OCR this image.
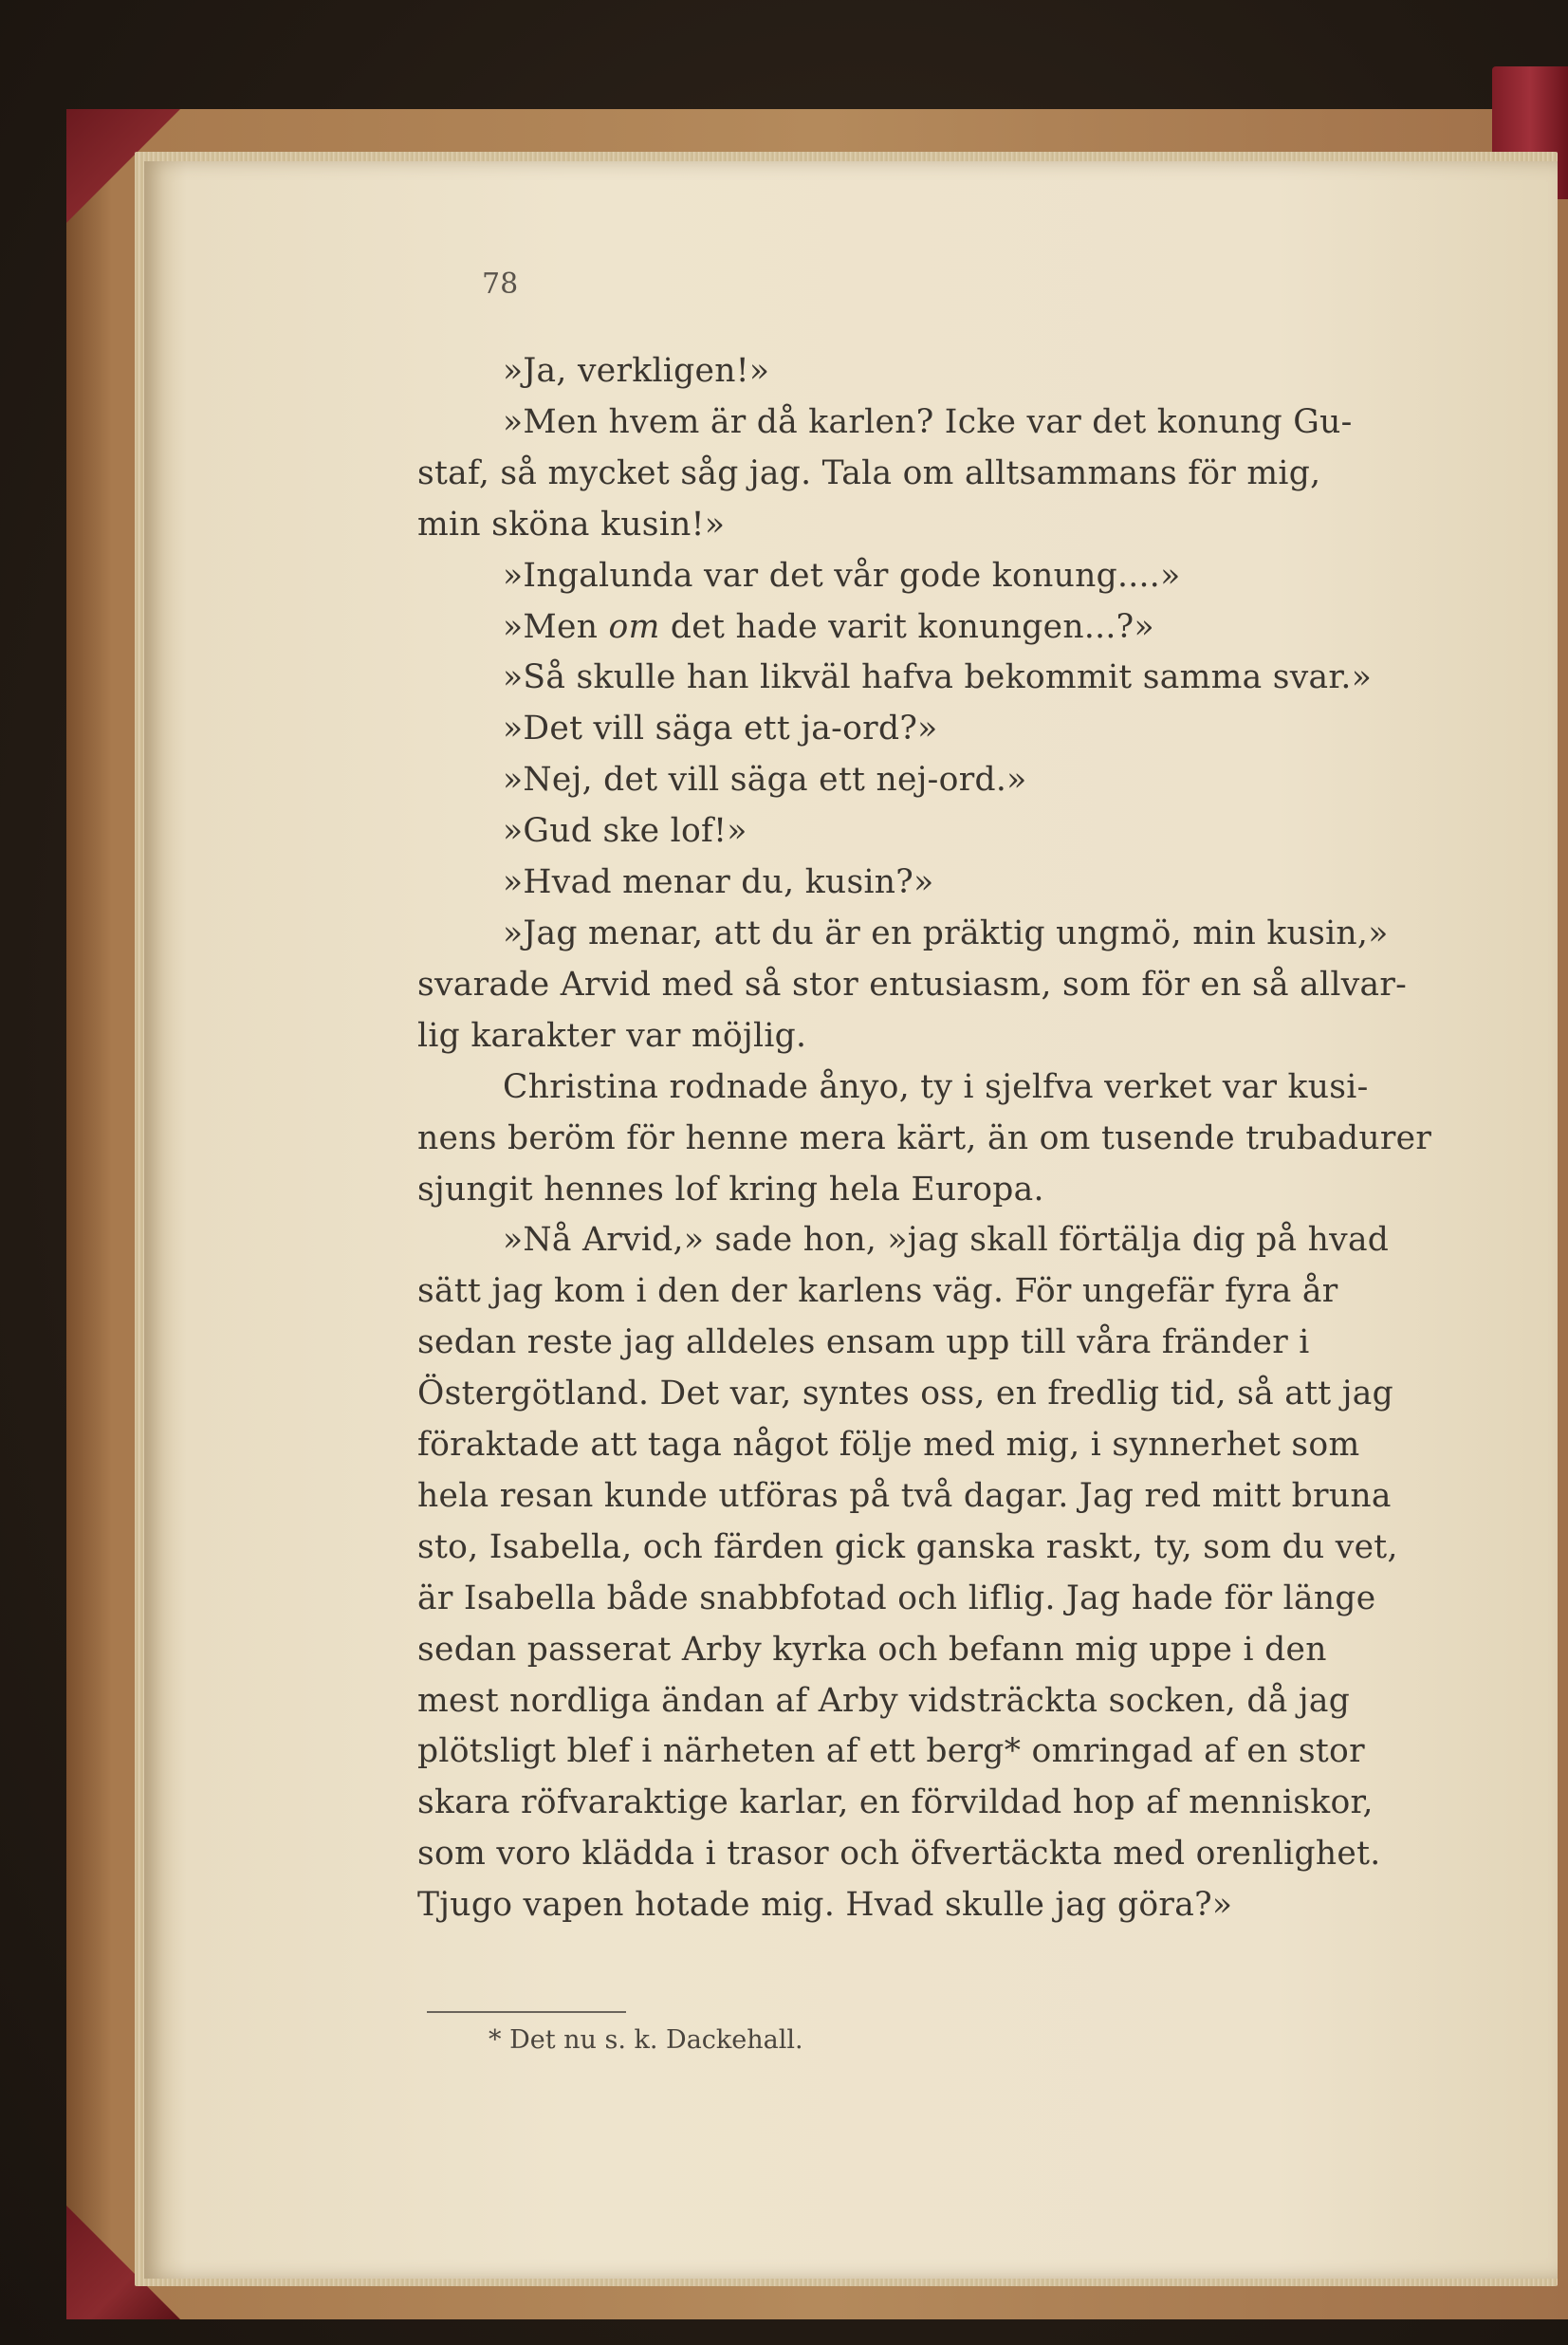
78

»Ja, verkligen!»

»Men hvem är då karlen? Icke var det konung Gu-
staf, så mycket såg jag. Tala om alltsammans för mig,
min sköna kusin!»

»Ingalunda var det vår gode konung....»

»Men om det hade varit konungen...?»

»Så skulle han likväl hafva bekommit samma svar.»

»Det vill säga ett ja-ord?»

»Nej, det vill säga ett nej-ord.»

»Gud ske lof!»

»Hvad menar du, kusin?»

»Jag menar, att du är en präktig ungmö, min kusin,»
svarade Arvid med så stor entusiasm, som för en så allvar-
lig karakter var möjlig.

Christina rodnade ånyo, ty i sjelfva verket var kusi-
nens beröm för henne mera kärt, än om tusende trubadurer
sjungit hennes lof kring hela Europa.

»Nå Arvid,» sade hon, »jag skall förtälja dig på hvad
sätt jag kom i den der karlens väg. För ungefär fyra år
sedan reste jag alldeles ensam upp till våra fränder i
Östergötland. Det var, syntes oss, en fredlig tid, så att jag
föraktade att taga något följe med mig, i synnerhet som
hela resan kunde utföras på två dagar. Jag red mitt bruna
sto, Isabella, och färden gick ganska raskt, ty, som du vet,
är Isabella både snabbfotad och liflig. Jag hade för länge
sedan passerat Arby kyrka och befann mig uppe i den
mest nordliga ändan af Arby vidsträckta socken, då jag
plötsligt blef i närheten af ett berg* omringad af en stor
skara röfvaraktige karlar, en förvildad hop af menniskor,
som voro klädda i trasor och öfvertäckta med orenlighet.
Tjugo vapen hotade mig. Hvad skulle jag göra?»

* Det nu s. k. Dackehall.
